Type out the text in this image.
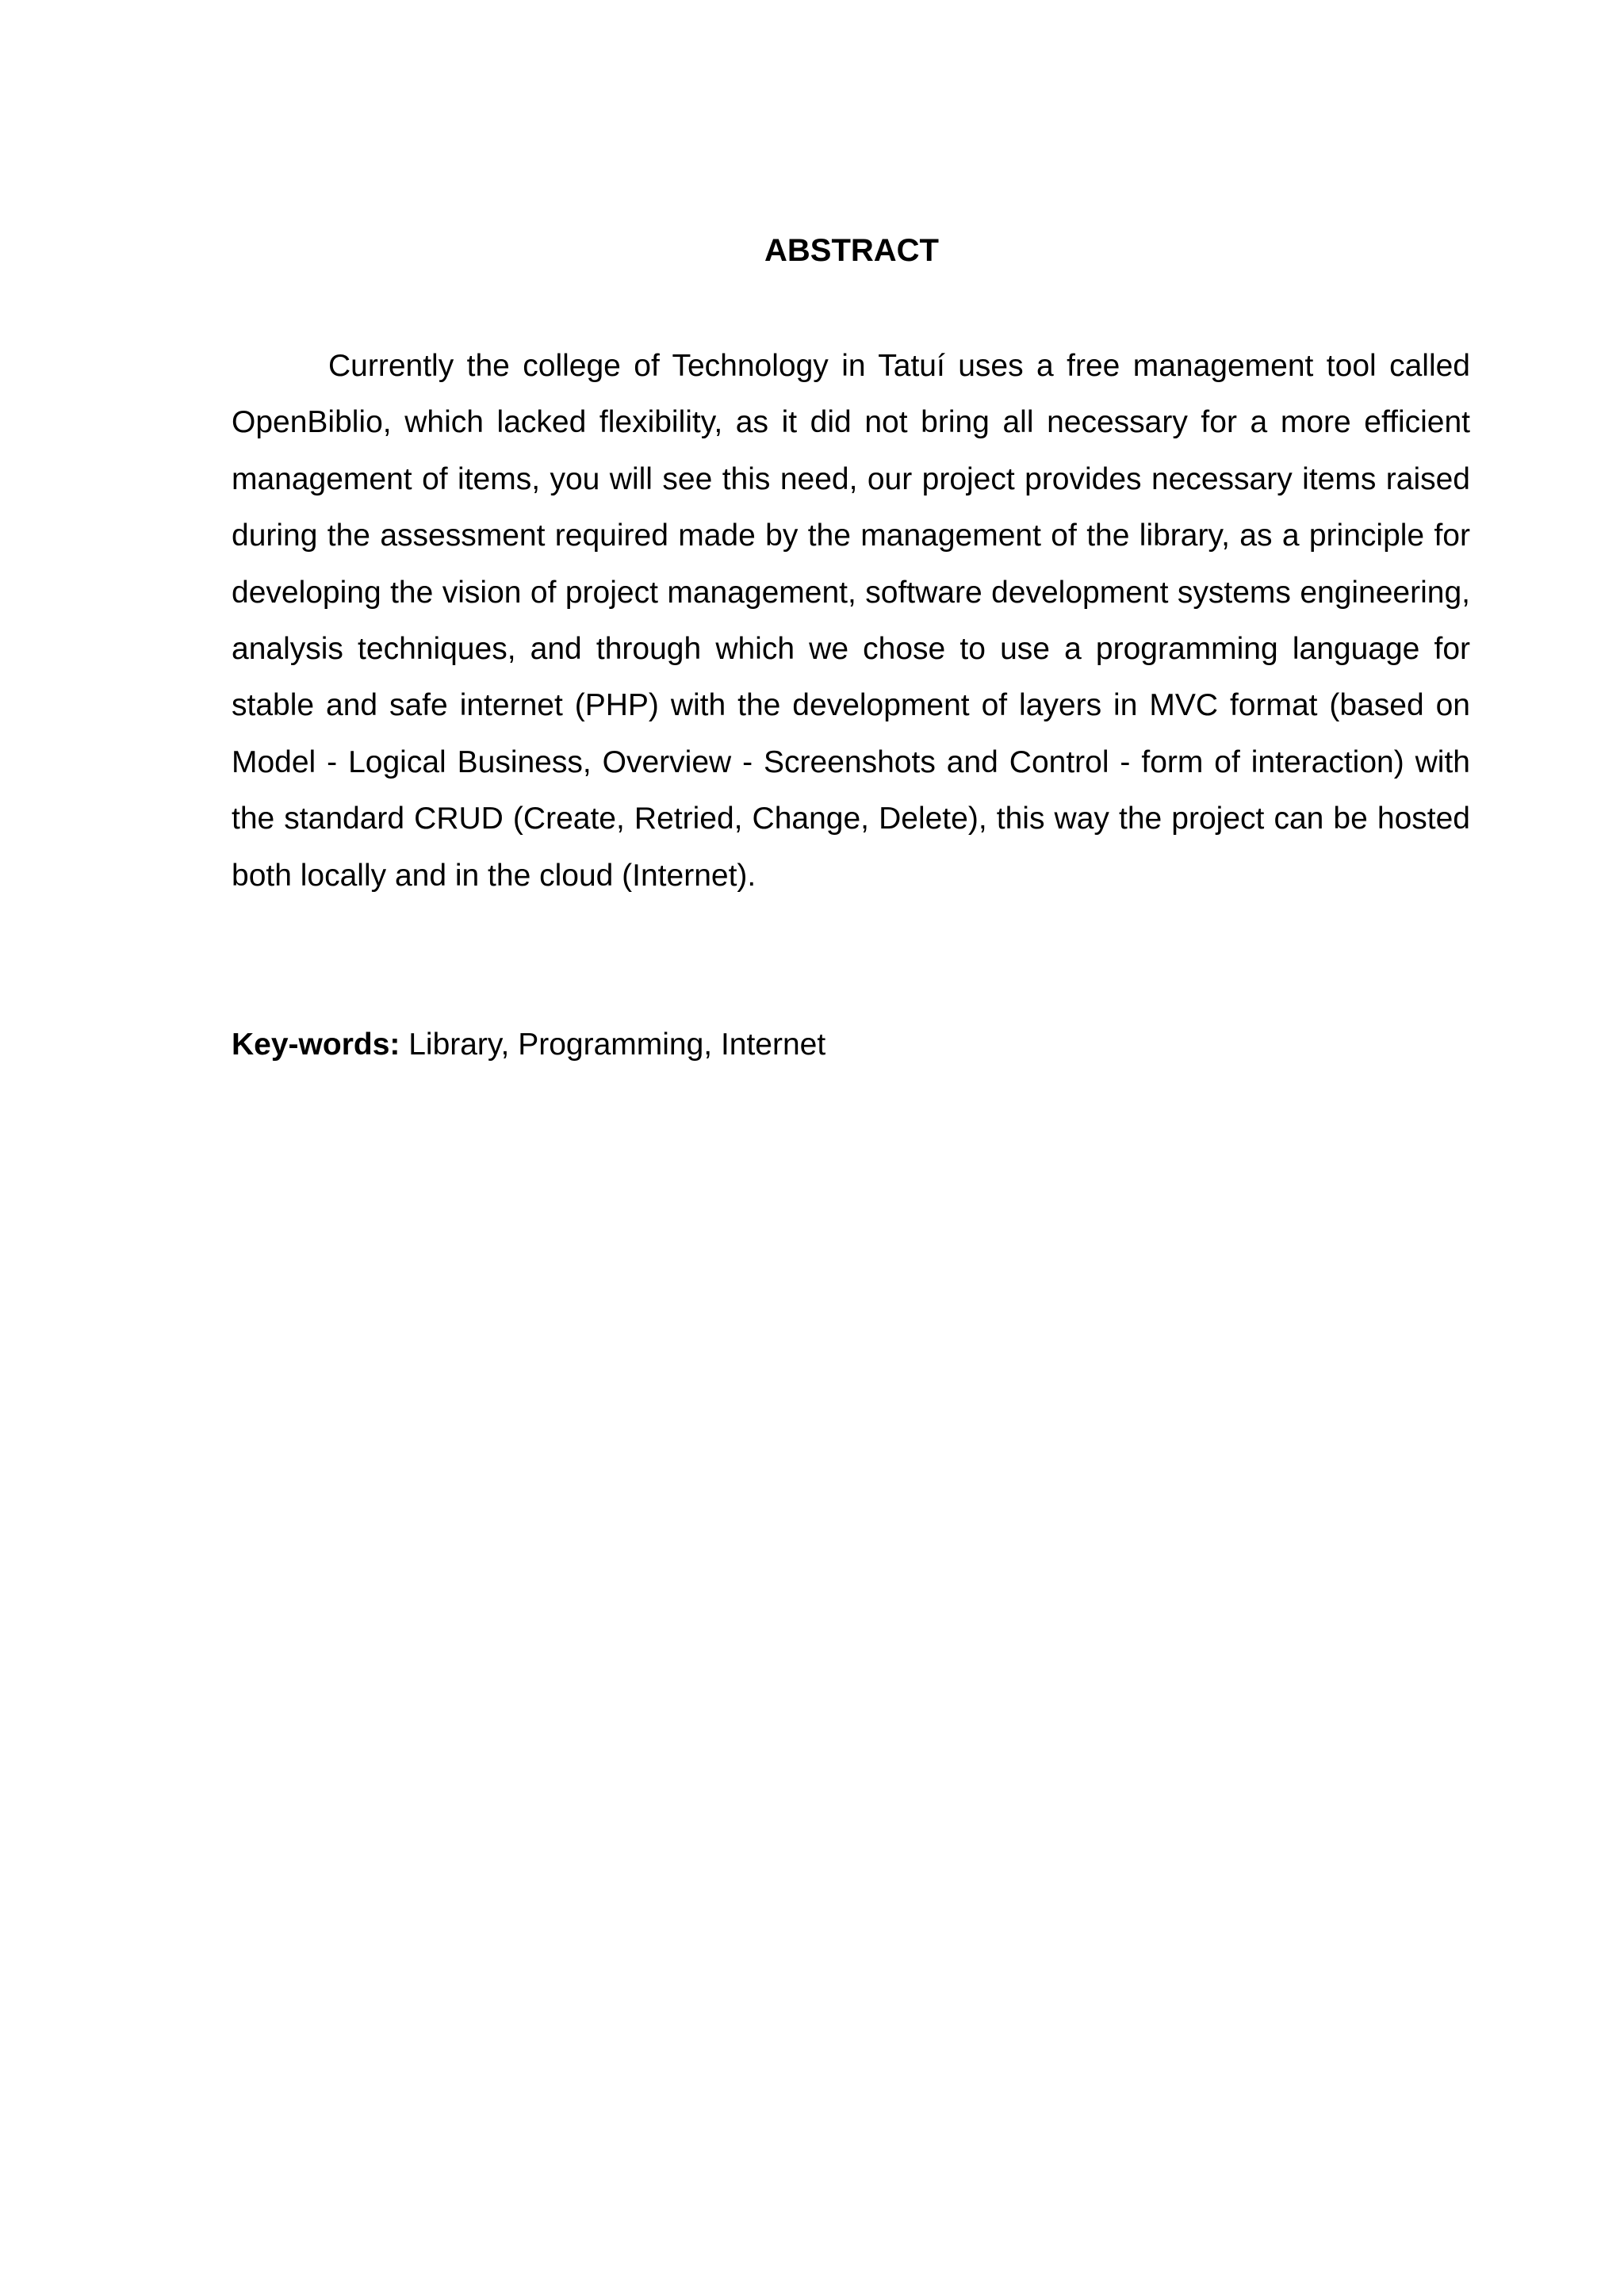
ABSTRACT

Currently the college of Technology in Tatuí uses a free management tool called OpenBiblio, which lacked flexibility, as it did not bring all necessary for a more efficient management of items, you will see this need, our project provides necessary items raised during the assessment required made by the management of the library, as a principle for developing the vision of project management, software development systems engineering, analysis techniques, and through which we chose to use a programming language for stable and safe internet (PHP) with the development of layers in MVC format (based on Model - Logical Business, Overview - Screenshots and Control - form of interaction) with the standard CRUD (Create, Retried, Change, Delete), this way the project can be hosted both locally and in the cloud (Internet).

Key-words: Library, Programming, Internet
